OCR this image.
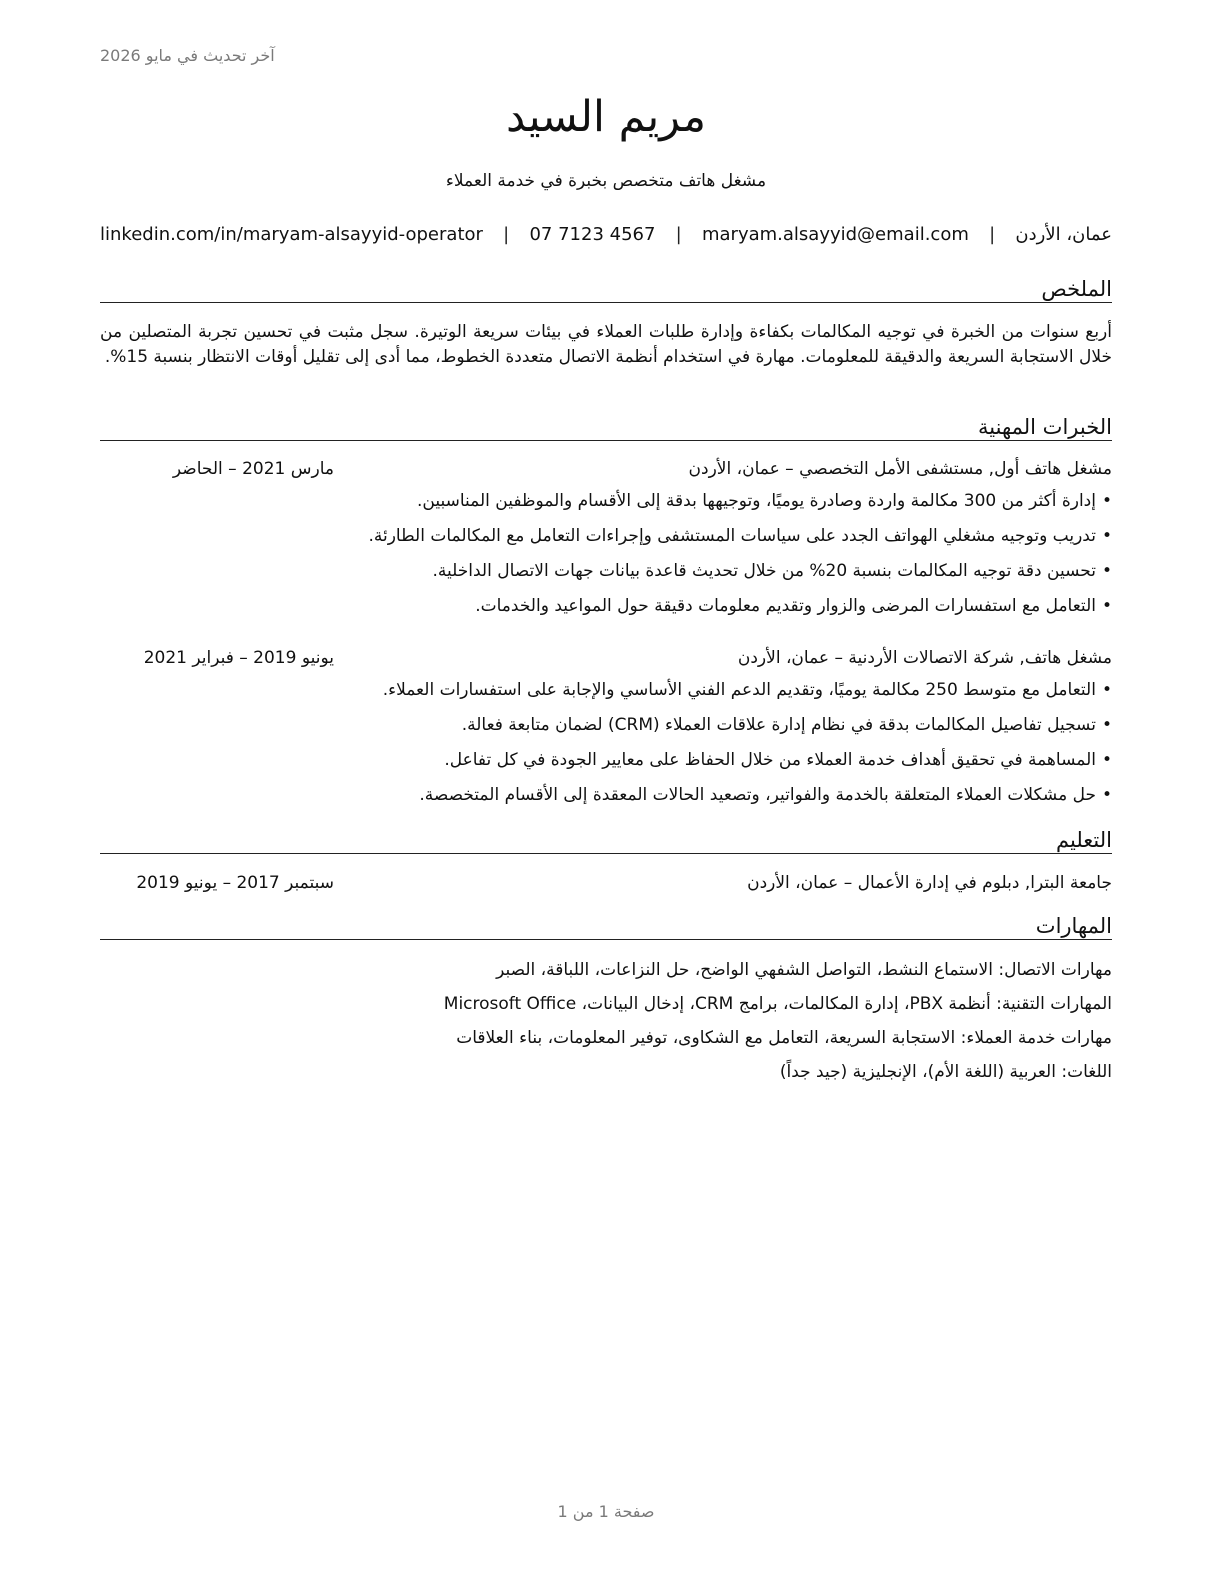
آخر تحديث في مايو 2026
مريم السيد
مشغل هاتف متخصص بخبرة في خدمة العملاء
عمان، الأردن
|
maryam.alsayyid@email.com
|
07 7123 4567
|
linkedin.com/in/maryam-alsayyid-operator
الملخص
أربع سنوات من الخبرة في توجيه المكالمات بكفاءة وإدارة طلبات العملاء في بيئات سريعة الوتيرة. سجل مثبت في تحسين تجربة المتصلين من خلال الاستجابة السريعة والدقيقة للمعلومات. مهارة في استخدام أنظمة الاتصال متعددة الخطوط، مما أدى إلى تقليل أوقات الانتظار بنسبة 15%.
الخبرات المهنية
مشغل هاتف أول, مستشفى الأمل التخصصي – عمان، الأردن
مارس 2021 – الحاضر
•إدارة أكثر من 300 مكالمة واردة وصادرة يوميًا، وتوجيهها بدقة إلى الأقسام والموظفين المناسبين.
•تدريب وتوجيه مشغلي الهواتف الجدد على سياسات المستشفى وإجراءات التعامل مع المكالمات الطارئة.
•تحسين دقة توجيه المكالمات بنسبة 20% من خلال تحديث قاعدة بيانات جهات الاتصال الداخلية.
•التعامل مع استفسارات المرضى والزوار وتقديم معلومات دقيقة حول المواعيد والخدمات.
مشغل هاتف, شركة الاتصالات الأردنية – عمان، الأردن
يونيو 2019 – فبراير 2021
•التعامل مع متوسط 250 مكالمة يوميًا، وتقديم الدعم الفني الأساسي والإجابة على استفسارات العملاء.
•تسجيل تفاصيل المكالمات بدقة في نظام إدارة علاقات العملاء (CRM) لضمان متابعة فعالة.
•المساهمة في تحقيق أهداف خدمة العملاء من خلال الحفاظ على معايير الجودة في كل تفاعل.
•حل مشكلات العملاء المتعلقة بالخدمة والفواتير، وتصعيد الحالات المعقدة إلى الأقسام المتخصصة.
التعليم
جامعة البترا, دبلوم في إدارة الأعمال – عمان، الأردن
سبتمبر 2017 – يونيو 2019
المهارات
مهارات الاتصال: الاستماع النشط، التواصل الشفهي الواضح، حل النزاعات، اللباقة، الصبر
المهارات التقنية: أنظمة PBX، إدارة المكالمات، برامج CRM، إدخال البيانات، Microsoft Office
مهارات خدمة العملاء: الاستجابة السريعة، التعامل مع الشكاوى، توفير المعلومات، بناء العلاقات
اللغات: العربية (اللغة الأم)، الإنجليزية (جيد جداً)
صفحة 1 من 1
